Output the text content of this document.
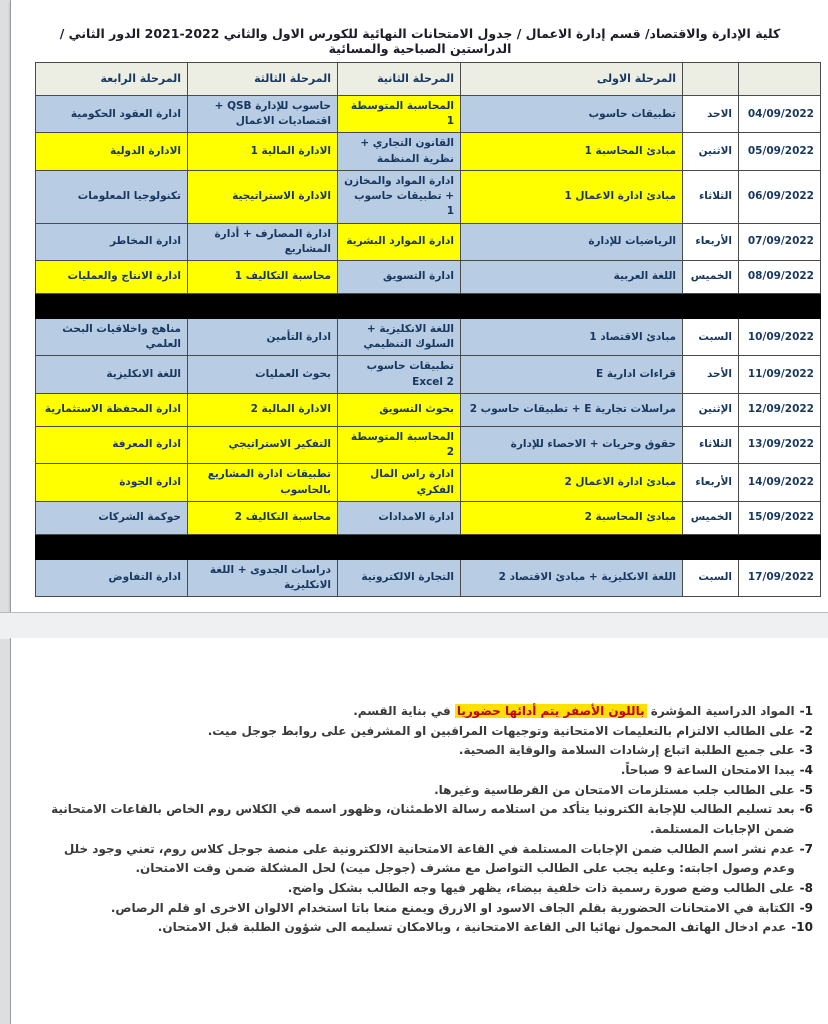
كلية الإدارة والاقتصاد/ قسم إدارة الاعمال / جدول الامتحانات النهائية للكورس الاول والثاني 2022-2021 الدور الثاني / الدراستين الصباحية والمسائية
		المرحلة الاولى	المرحلة الثانية	المرحلة الثالثة	المرحلة الرابعة
04/09/2022	الاحد	تطبيقات حاسوب	المحاسبة المتوسطة 1	حاسوب للإدارة QSB + اقتصاديات الاعمال	ادارة العقود الحكومية
05/09/2022	الاثنين	مبادئ المحاسبة 1	القانون التجاري + نظرية المنظمة	الادارة المالية 1	الادارة الدولية
06/09/2022	الثلاثاء	مبادئ ادارة الاعمال 1	ادارة المواد والمخازن + تطبيقات حاسوب 1	الادارة الاستراتيجية	تكنولوجيا المعلومات
07/09/2022	الأربعاء	الرياضيات للإدارة	ادارة الموارد البشرية	ادارة المصارف + أدارة المشاريع	ادارة المخاطر
08/09/2022	الخميس	اللغة العربية	ادارة التسويق	محاسبة التكاليف 1	ادارة الانتاج والعمليات

10/09/2022	السبت	مبادئ الاقتصاد 1	اللغة الانكليزية + السلوك التنظيمي	ادارة التأمين	مناهج واخلاقيات البحث العلمي
11/09/2022	الأحد	قراءات ادارية E	تطبيقات حاسوب Excel 2	بحوث العمليات	اللغة الانكليزية
12/09/2022	الإثنين	مراسلات تجارية E + تطبيقات حاسوب 2	بحوث التسويق	الادارة المالية 2	ادارة المحفظة الاستثمارية
13/09/2022	الثلاثاء	حقوق وحريات + الاحصاء للإدارة	المحاسبة المتوسطة 2	التفكير الاستراتيجي	ادارة المعرفة
14/09/2022	الأربعاء	مبادئ ادارة الاعمال 2	ادارة راس المال الفكري	تطبيقات ادارة المشاريع بالحاسوب	ادارة الجودة
15/09/2022	الخميس	مبادئ المحاسبة 2	ادارة الامدادات	محاسبة التكاليف 2	حوكمة الشركات

17/09/2022	السبت	اللغة الانكليزية + مبادئ الاقتصاد 2	التجارة الالكترونية	دراسات الجدوى + اللغة الانكليزية	ادارة التفاوض
1-
المواد الدراسية المؤشرة باللون الأصفر يتم أدائها حضوريا في بناية القسم.
2-
على الطالب الالتزام بالتعليمات الامتحانية وتوجيهات المراقبين او المشرفين على روابط جوجل ميت.
3-
على جميع الطلبة اتباع إرشادات السلامة والوقاية الصحية.
4-
يبدا الامتحان الساعة 9 صباحاً.
5-
على الطالب جلب مستلزمات الامتحان من القرطاسية وغيرها.
6-
بعد تسليم الطالب للإجابة الكترونيا يتأكد من استلامه رسالة الاطمئنان، وظهور اسمه في الكلاس روم الخاص بالقاعات الامتحانية ضمن الإجابات المستلمة.
7-
عدم نشر اسم الطالب ضمن الإجابات المستلمة في القاعة الامتحانية الالكترونية على منصة جوجل كلاس روم، تعني وجود خلل وعدم وصول اجابته: وعليه يجب على الطالب التواصل مع مشرف (جوجل ميت) لحل المشكلة ضمن وقت الامتحان.
8-
على الطالب وضع صورة رسمية ذات خلفية بيضاء، يظهر فيها وجه الطالب بشكل واضح.
9-
الكتابة في الامتحانات الحضورية بقلم الجاف الاسود او الازرق ويمنع منعا باتا استخدام الالوان الاخرى او قلم الرصاص.
10-
عدم ادخال الهاتف المحمول نهائيا الى القاعة الامتحانية ، وبالامكان تسليمه الى شؤون الطلبة قبل الامتحان.
